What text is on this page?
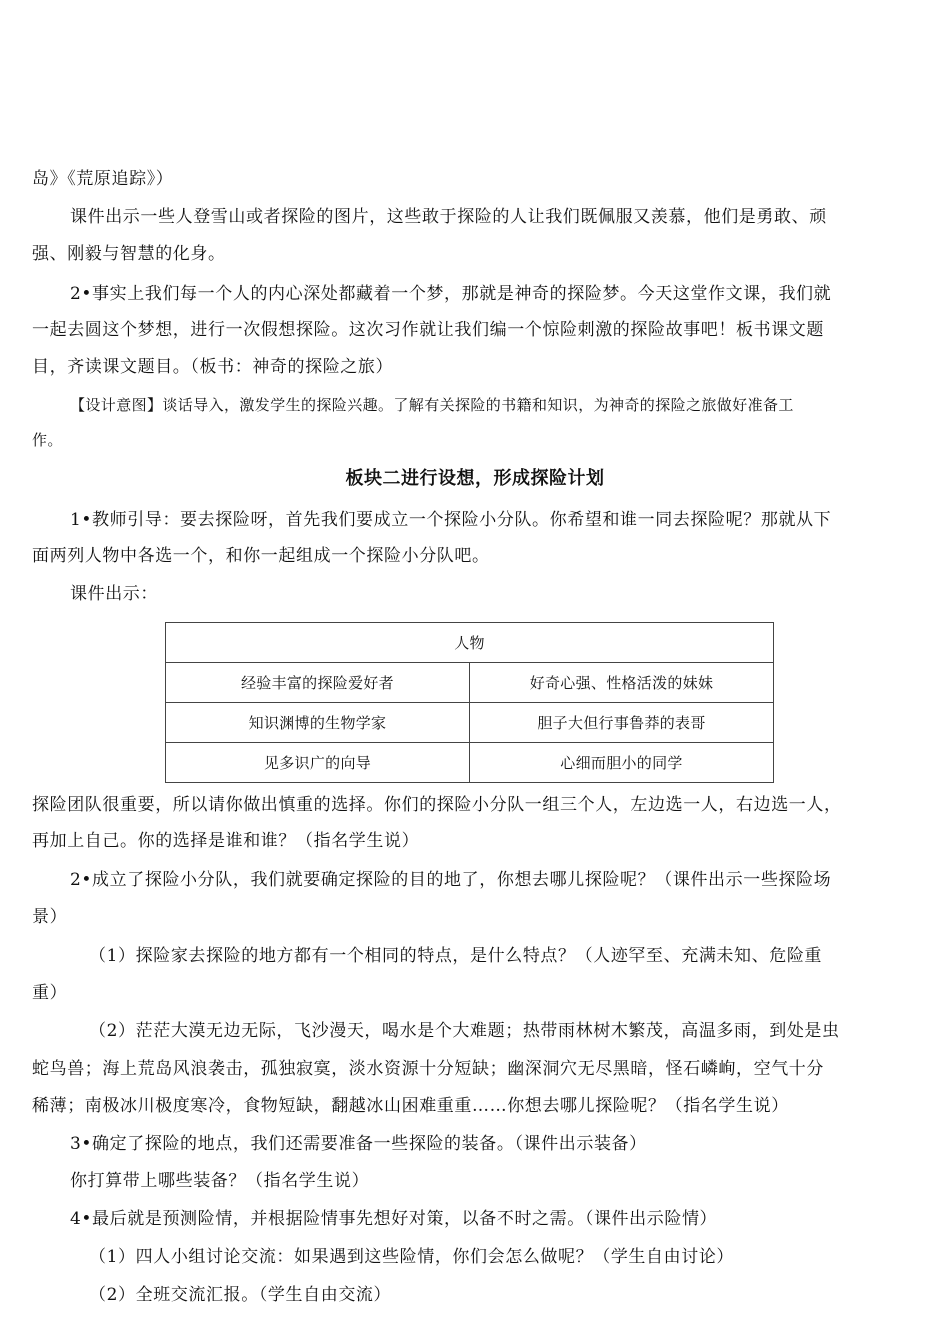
岛》《荒原追踪》）
课件出示一些人登雪山或者探险的图片，这些敢于探险的人让我们既佩服又羡慕，他们是勇敢、顽
强、刚毅与智慧的化身。
2•事实上我们每一个人的内心深处都藏着一个梦，那就是神奇的探险梦。今天这堂作文课，我们就
一起去圆这个梦想，进行一次假想探险。这次习作就让我们编一个惊险刺激的探险故事吧！板书课文题
目，齐读课文题目。（板书：神奇的探险之旅）
【设计意图】谈话导入，激发学生的探险兴趣。了解有关探险的书籍和知识，为神奇的探险之旅做好准备工
作。
板块二进行设想，形成探险计划
1•教师引导：要去探险呀，首先我们要成立一个探险小分队。你希望和谁一同去探险呢？那就从下
面两列人物中各选一个，和你一起组成一个探险小分队吧。
课件出示：
人物	
经验丰富的探险爱好者	好奇心强、性格活泼的妹妹
知识渊博的生物学家	胆子大但行事鲁莽的表哥
见多识广的向导	心细而胆小的同学
探险团队很重要，所以请你做出慎重的选择。你们的探险小分队一组三个人，左边选一人，右边选一人，
再加上自己。你的选择是谁和谁？（指名学生说）
2•成立了探险小分队，我们就要确定探险的目的地了，你想去哪儿探险呢？（课件出示一些探险场
景）
（1）探险家去探险的地方都有一个相同的特点，是什么特点？（人迹罕至、充满未知、危险重
重）
（2）茫茫大漠无边无际，飞沙漫天，喝水是个大难题；热带雨林树木繁茂，高温多雨，到处是虫
蛇鸟兽；海上荒岛风浪袭击，孤独寂寞，淡水资源十分短缺；幽深洞穴无尽黑暗，怪石嶙峋，空气十分
稀薄；南极冰川极度寒冷，食物短缺，翻越冰山困难重重……你想去哪儿探险呢？（指名学生说）
3•确定了探险的地点，我们还需要准备一些探险的装备。（课件出示装备）
你打算带上哪些装备？（指名学生说）
4•最后就是预测险情，并根据险情事先想好对策，以备不时之需。（课件出示险情）
（1）四人小组讨论交流：如果遇到这些险情，你们会怎么做呢？（学生自由讨论）
（2）全班交流汇报。（学生自由交流）
